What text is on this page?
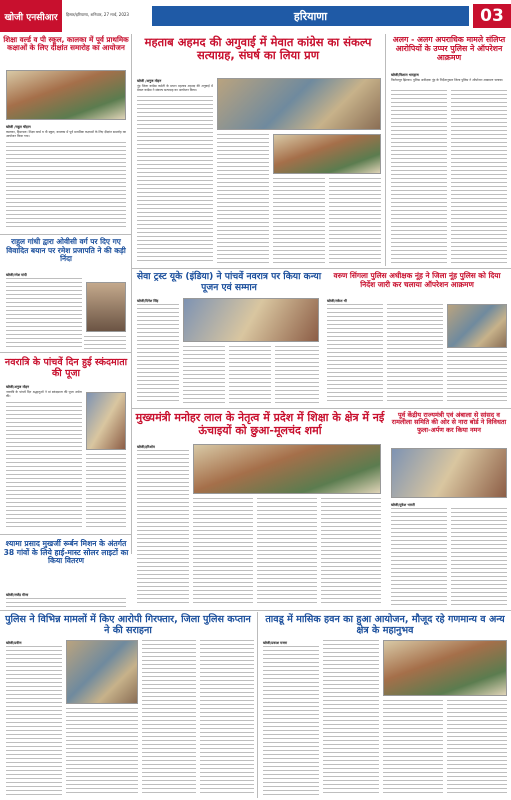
खोजी एनसीआर	हिसार/हरियाणा, शनिवार, 27 मार्च, 2023	हरियाणा	03
शिक्षा वर्ल्ड व पी स्कूल, कालका में पूर्व प्राथमिक कक्षाओं के लिए दीक्षांत समारोह का आयोजन
खोजी /राहुल चौहान
कालका, हिमाचल। शिक्षा वर्ल्ड व पी स्कूल, कालका में पूर्व प्राथमिक कक्षाओं के लिए दीक्षांत समारोह का आयोजन किया गया।
राहुल गांधी द्वारा ओवीसी वर्ग पर दिए गए विवादित बयान पर रमेश प्रजापति ने की कड़ी निंदा
खोजी/रमेश मांदी
नवरात्रि के पांचवें दिन हुई स्कंदमाता की पूजा
खोजी/अनुज मोहन
नवरात्रि के पांचवें दिन श्रद्धालुओं ने मां स्कंदमाता की पूजा अर्चना की।
श्यामा प्रसाद मुखर्जी रूर्बन मिशन के अंतर्गत 38 गांवों के लिये हाई-मास्ट सोलर लाइटों का किया वितरण
खोजी/राजेंद्र मीणा
महताब अहमद की अगुवाई में मेवात कांग्रेस का संकल्प सत्याग्रह, संघर्ष का लिया प्रण
खोजी /अनुज मोहन
नूंह जिला कांग्रेस कमेटी के प्रधान महताब अहमद की अगुवाई में मेवात कांग्रेस ने संकल्प सत्याग्रह का आयोजन किया।
अलग - अलग अपराधिक मामले संलिप्त आरोपियों के उप्पर पुलिस ने ऑपरेशन आक्रमण
खोजी/विशाल भारद्वाज
फिरोजपुर झिरका। पुलिस अधीक्षक नूंह के निर्देशानुसार जिला पुलिस ने ऑपरेशन आक्रमण चलाया।
सेवा ट्रस्ट यूके (इंडिया) ने पांचवें नवरात्र पर किया कन्या पूजन एवं सम्मान
खोजी/दिनेश सिंह
वरुण सिंगला पुलिस अधीक्षक नूंह ने जिला नूंह पुलिस को दिया निर्देश जारी कर चलाया ऑपरेशन आक्रमण
खोजी/राकेश भी
मुख्यमंत्री मनोहर लाल के नेतृत्व में प्रदेश में शिक्षा के क्षेत्र में नई ऊंचाइयों को छुआ-मूलचंद शर्मा
खोजी/हरिओम
पूर्व केंद्रीय राज्यमंत्री एवं अंबाला से सांसद व रामलीला समिति की ओर से नारा बोर्ड ने विविधता फुला-अर्पण कर किया नमन
खोजी/मुकेश भारती
पुलिस ने विभिन्न मामलों में किए आरोपी गिरफ्तार, जिला पुलिस कप्तान ने की सराहना
खोजी/प्रवीण
तावडू में मासिक हवन का हुआ आयोजन, मौजूद रहे गणमान्य व अन्य क्षेत्र के महानुभव
खोजी/प्रकाश मजरा
